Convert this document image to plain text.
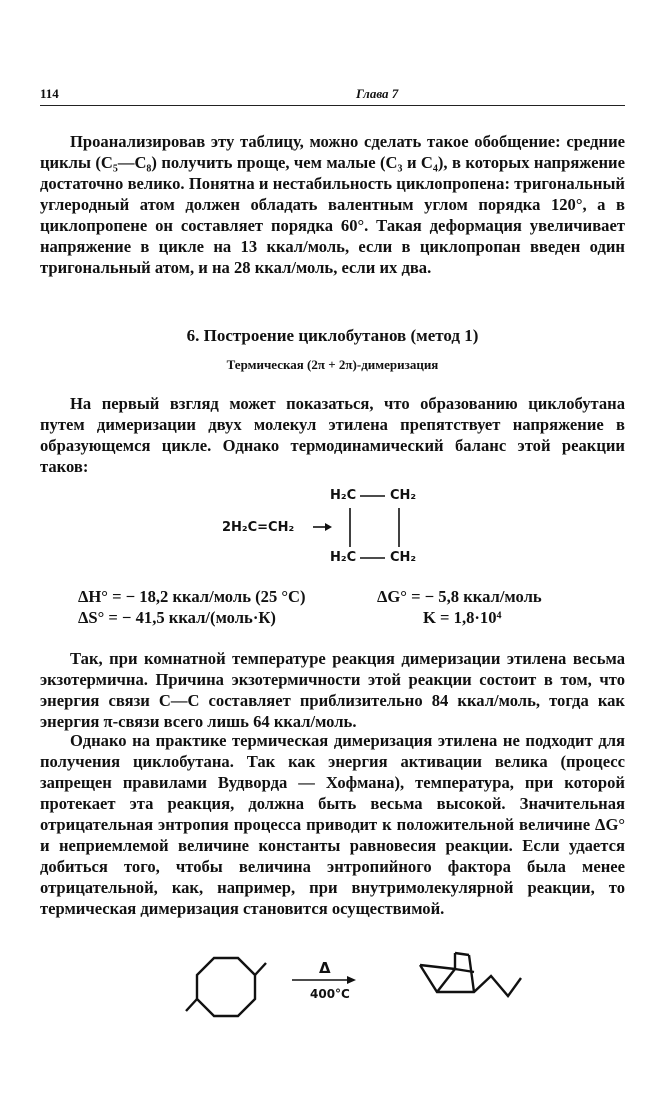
114	Глава 7

Проанализировав эту таблицу, можно сделать такое обобщение: средние циклы (C₅—C₈) получить проще, чем малые (C₃ и C₄), в которых напряжение достаточно велико. Понятна и нестабильность циклопропена: тригональный углеродный атом должен обладать валентным углом порядка 120°, а в циклопропене он составляет порядка 60°. Такая деформация увеличивает напряжение в цикле на 13 ккал/моль, если в циклопропан введен один тригональный атом, и на 28 ккал/моль, если их два.

6. Построение циклобутанов (метод 1)
Термическая (2π + 2π)-димеризация

На первый взгляд может показаться, что образованию циклобутана путем димеризации двух молекул этилена препятствует напряжение в образующемся цикле. Однако термодинамический баланс этой реакции таков:

2H₂C=CH₂
H₂C	CH₂
H₂C	CH₂
ΔH° = − 18,2 ккал/моль (25 °C)	ΔG° = − 5,8 ккал/моль
ΔS° = − 41,5 ккал/(моль·К)	K = 1,8·10⁴

Так, при комнатной температуре реакция димеризации этилена весьма экзотермична. Причина экзотермичности этой реакции состоит в том, что энергия связи C—C составляет приблизительно 84 ккал/моль, тогда как энергия π-связи всего лишь 64 ккал/моль.

Однако на практике термическая димеризация этилена не подходит для получения циклобутана. Так как энергия активации велика (процесс запрещен правилами Вудворда — Хофмана), температура, при которой протекает эта реакция, должна быть весьма высокой. Значительная отрицательная энтропия процесса приводит к положительной величине ΔG° и неприемлемой величине константы равновесия реакции. Если удается добиться того, чтобы величина энтропийного фактора была менее отрицательной, как, например, при внутримолекулярной реакции, то термическая димеризация становится осуществимой.

Δ
400°C
